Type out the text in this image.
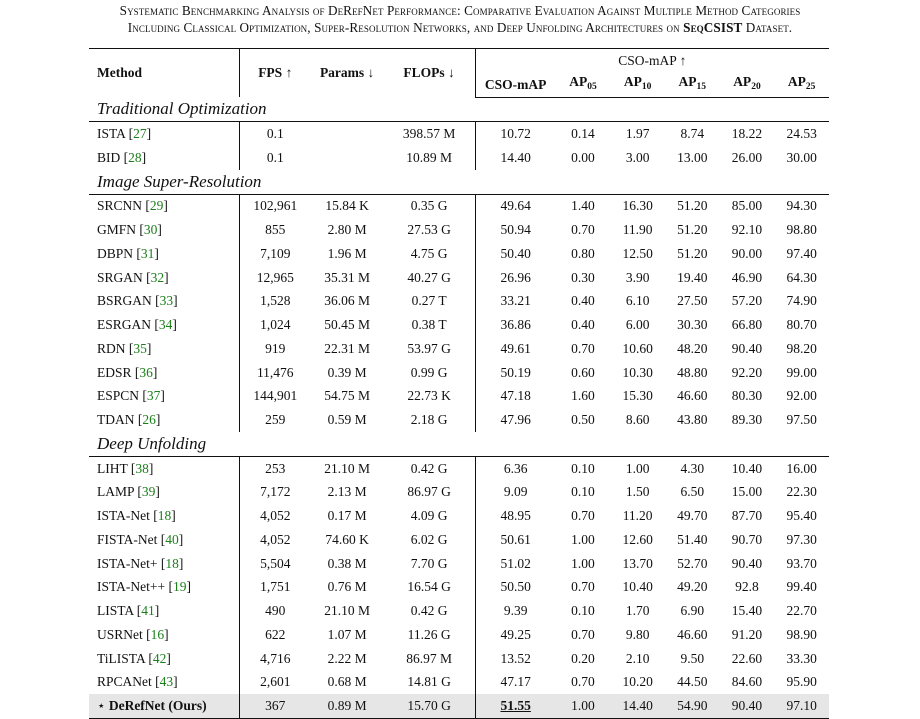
Systematic Benchmarking Analysis of DeRefNet Performance: Comparative Evaluation Against Multiple Method Categories
Including Classical Optimization, Super-Resolution Networks, and Deep Unfolding Architectures on SeqCSIST Dataset.
Method	FPS ↑	Params ↓	FLOPs ↓	CSO-mAP ↑					
				CSO-mAP	$AP_{05}$	$AP_{10}$	$AP_{15}$	$AP_{20}$	$AP_{25}$
Traditional Optimization									
ISTA [27]	0.1		398.57 M	10.72	0.14	1.97	8.74	18.22	24.53
BID [28]	0.1		10.89 M	14.40	0.00	3.00	13.00	26.00	30.00
Image Super-Resolution									
SRCNN [29]	102,961	15.84 K	0.35 G	49.64	1.40	16.30	51.20	85.00	94.30
GMFN [30]	855	2.80 M	27.53 G	50.94	0.70	11.90	51.20	92.10	98.80
DBPN [31]	7,109	1.96 M	4.75 G	50.40	0.80	12.50	51.20	90.00	97.40
SRGAN [32]	12,965	35.31 M	40.27 G	26.96	0.30	3.90	19.40	46.90	64.30
BSRGAN [33]	1,528	36.06 M	0.27 T	33.21	0.40	6.10	27.50	57.20	74.90
ESRGAN [34]	1,024	50.45 M	0.38 T	36.86	0.40	6.00	30.30	66.80	80.70
RDN [35]	919	22.31 M	53.97 G	49.61	0.70	10.60	48.20	90.40	98.20
EDSR [36]	11,476	0.39 M	0.99 G	50.19	0.60	10.30	48.80	92.20	99.00
ESPCN [37]	144,901	54.75 M	22.73 K	47.18	1.60	15.30	46.60	80.30	92.00
TDAN [26]	259	0.59 M	2.18 G	47.96	0.50	8.60	43.80	89.30	97.50
Deep Unfolding									
LIHT [38]	253	21.10 M	0.42 G	6.36	0.10	1.00	4.30	10.40	16.00
LAMP [39]	7,172	2.13 M	86.97 G	9.09	0.10	1.50	6.50	15.00	22.30
ISTA-Net [18]	4,052	0.17 M	4.09 G	48.95	0.70	11.20	49.70	87.70	95.40
FISTA-Net [40]	4,052	74.60 K	6.02 G	50.61	1.00	12.60	51.40	90.70	97.30
ISTA-Net+ [18]	5,504	0.38 M	7.70 G	51.02	1.00	13.70	52.70	90.40	93.70
ISTA-Net++ [19]	1,751	0.76 M	16.54 G	50.50	0.70	10.40	49.20	92.8	99.40
LISTA [41]	490	21.10 M	0.42 G	9.39	0.10	1.70	6.90	15.40	22.70
USRNet [16]	622	1.07 M	11.26 G	49.25	0.70	9.80	46.60	91.20	98.90
TiLISTA [42]	4,716	2.22 M	86.97 M	13.52	0.20	2.10	9.50	22.60	33.30
RPCANet [43]	2,601	0.68 M	14.81 G	47.17	0.70	10.20	44.50	84.60	95.90
⋆ DeRefNet (Ours)	367	0.89 M	15.70 G	51.55	1.00	14.40	54.90	90.40	97.10
